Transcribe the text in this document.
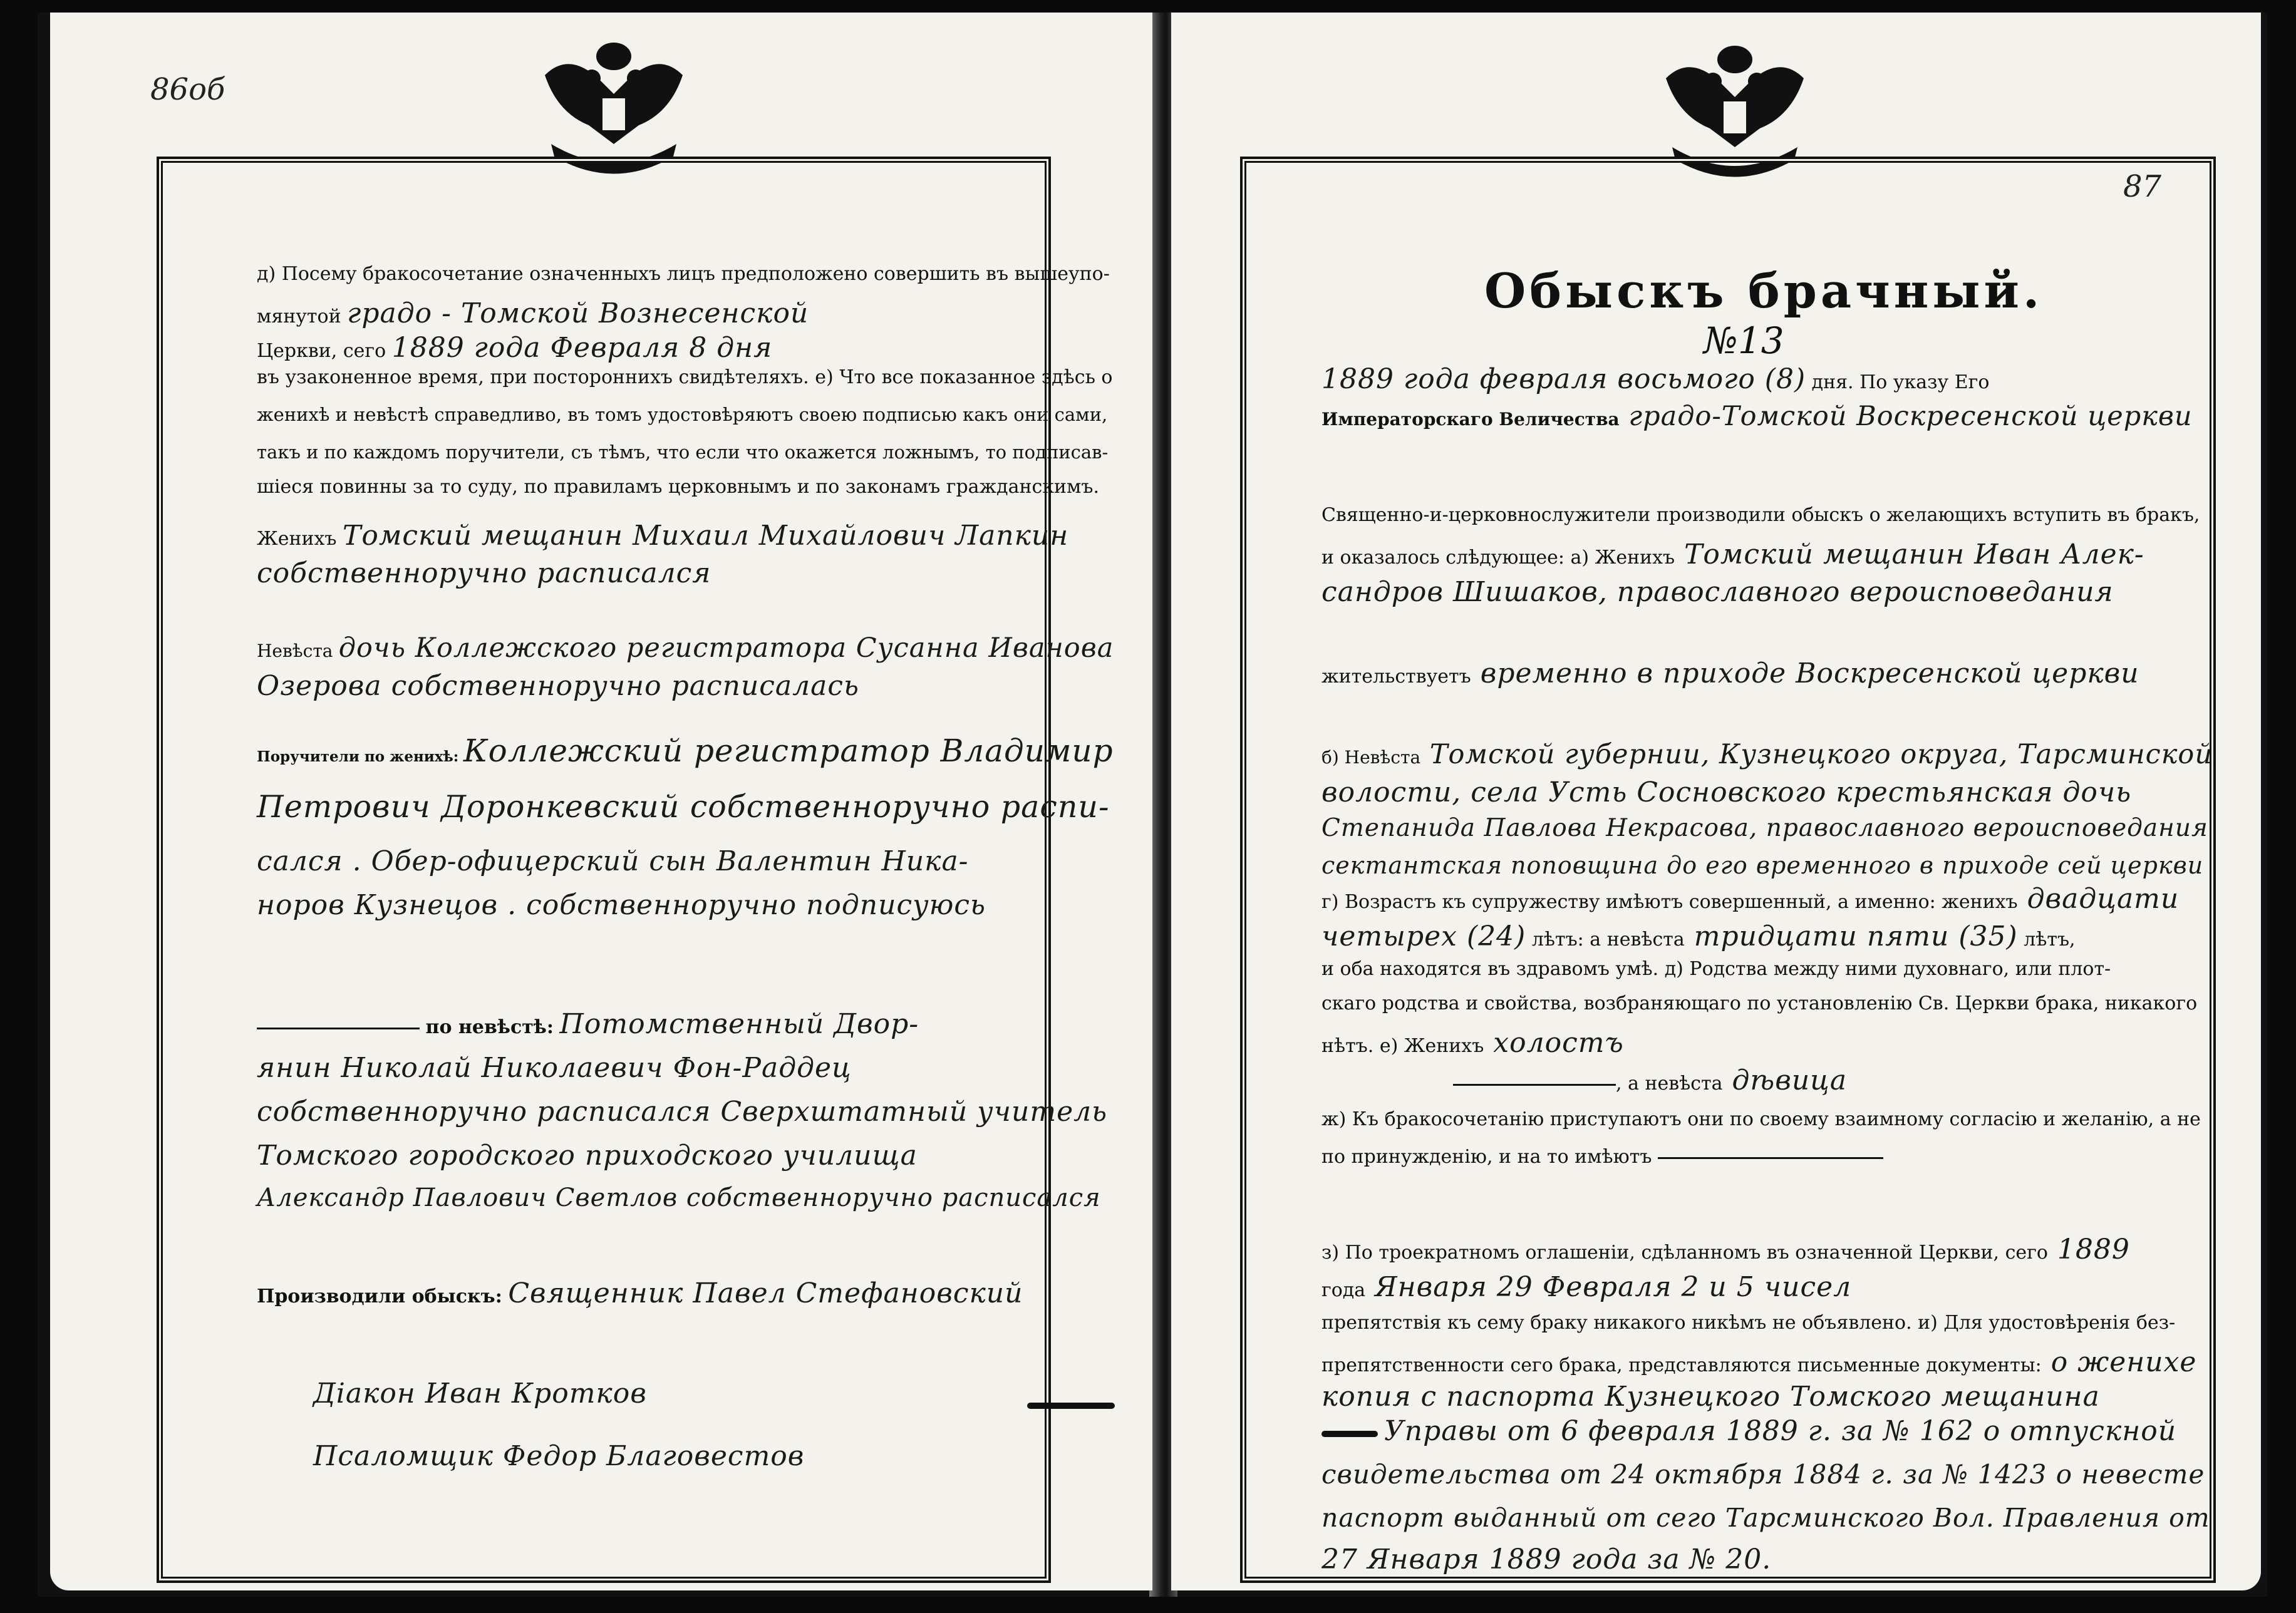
86об
д) Посему бракосочетание означенныхъ лицъ предположено совершить въ вышеупо-
мянутой градо - Томской Вознесенской
Церкви, сего 1889 года Февраля 8 дня
въ узаконенное время, при постороннихъ свидѣтеляхъ. е) Что все показанное здѣсь о
женихѣ и невѣстѣ справедливо, въ томъ удостовѣряютъ своею подписью какъ они сами,
такъ и по каждомъ поручители, съ тѣмъ, что если что окажется ложнымъ, то подписав-
шiеся повинны за то суду, по правиламъ церковнымъ и по законамъ гражданскимъ.
Женихъ Томский мещанин Михаил Михайлович Лапкин
собственноручно расписался
Невѣста дочь Коллежского регистратора Сусанна Иванова
Озерова собственноручно расписалась
Поручители по женихѣ: Коллежский регистратор Владимир
Петрович Доронкевский собственноручно распи-
сался . Обер-офицерский сын Валентин Ника-
норов Кузнецов . собственноручно подписуюсь
по невѣстѣ: Потомственный Двор-
янин Николай Николаевич Фон-Раддец
собственноручно расписался Сверхштатный учитель
Томского городского приходского училища
Александр Павлович Светлов собственноручно расписался
Производили обыскъ: Священник Павел Стефановский
Дiакон Иван Кротков
Псаломщик Федор Благовестов
87
Обыскъ брачный.
№13
1889 года февраля восьмого (8) дня. По указу Его
Императорскаго Величества градо-Томской Воскресенской церкви
Священно-и-церковнослужители производили обыскъ о желающихъ вступить въ бракъ,
и оказалось слѣдующее: а) Женихъ Томский мещанин Иван Алек-
сандров Шишаков, православного вероисповедания
жительствуетъ временно в приходе Воскресенской церкви
б) Невѣста Томской губернии, Кузнецкого округа, Тарсминской
волости, села Усть Сосновского крестьянская дочь
Степанида Павлова Некрасова, православного вероисповедания
сектантская поповщина до его временного в приходе сей церкви
г) Возрастъ къ супружеству имѣютъ совершенный, а именно: женихъ двадцати
четырех (24) лѣтъ: а невѣста тридцати пяти (35) лѣтъ,
и оба находятся въ здравомъ умѣ. д) Родства между ними духовнаго, или плот-
скаго родства и свойства, возбраняющаго по установленiю Св. Церкви брака, никакого
нѣтъ. е) Женихъ холостъ
, а невѣста дѣвица
ж) Къ бракосочетанiю приступаютъ они по своему взаимному согласiю и желанiю, а не
по принужденiю, и на то имѣютъ
з) По троекратномъ оглашенiи, сдѣланномъ въ означенной Церкви, сего 1889
года Января 29 Февраля 2 и 5 чисел
препятствiя къ сему браку никакого никѣмъ не объявлено. и) Для удостовѣренiя без-
препятственности сего брака, представляются письменные документы: о женихе
копия с паспорта Кузнецкого Томского мещанина
Управы от 6 февраля 1889 г. за № 162 о отпускной
свидетельства от 24 октября 1884 г. за № 1423 о невесте
паспорт выданный от сего Тарсминского Вол. Правления от
27 Января 1889 года за № 20.
